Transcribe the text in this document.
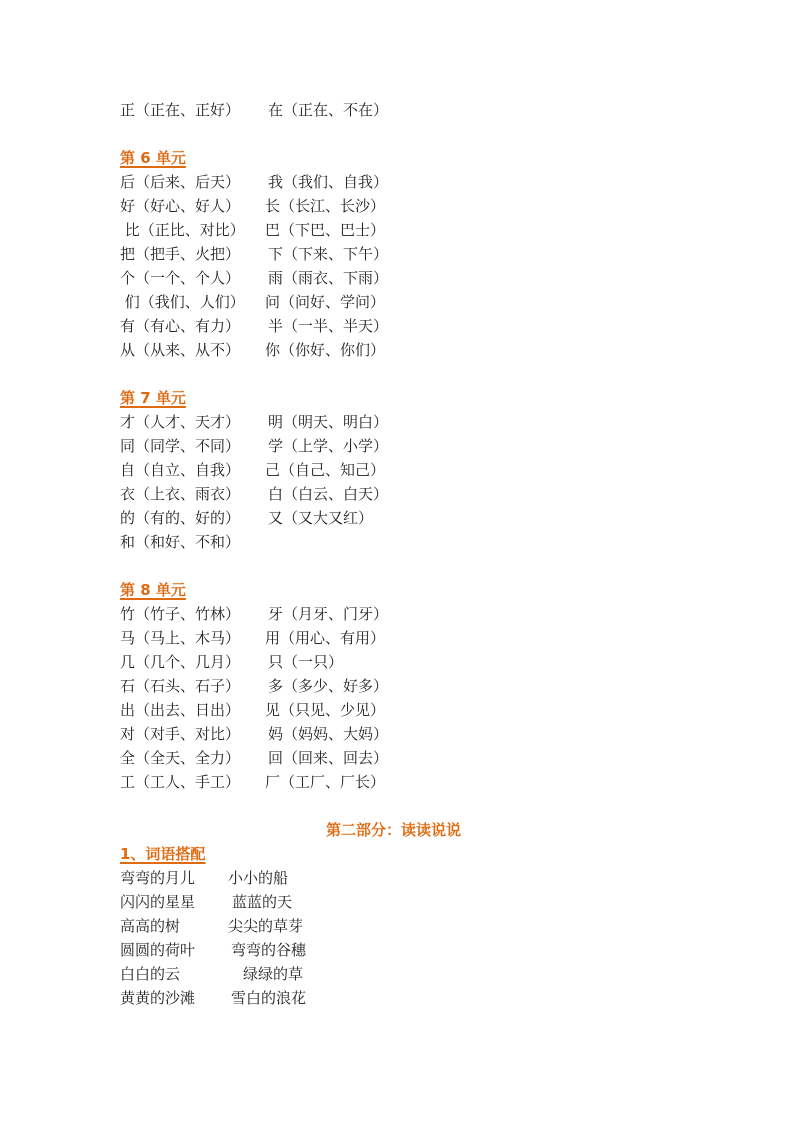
正（正在、正好） 在（正在、不在）
第 6 单元
后（后来、后天） 我（我们、自我）
好（好心、好人） 长（长江、长沙）
比（正比、对比） 巴（下巴、巴士）
把（把手、火把） 下（下来、下午）
个（一个、个人） 雨（雨衣、下雨）
们（我们、人们） 问（问好、学问）
有（有心、有力） 半（一半、半天）
从（从来、从不） 你（你好、你们）
第 7 单元
才（人才、天才） 明（明天、明白）
同（同学、不同） 学（上学、小学）
自（自立、自我） 己（自己、知己）
衣（上衣、雨衣） 白（白云、白天）
的（有的、好的） 又（又大又红）
和（和好、不和）
第 8 单元
竹（竹子、竹林） 牙（月牙、门牙）
马（马上、木马） 用（用心、有用）
几（几个、几月） 只（一只）
石（石头、石子） 多（多少、好多）
出（出去、日出） 见（只见、少见）
对（对手、对比） 妈（妈妈、大妈）
全（全天、全力） 回（回来、回去）
工（工人、手工） 厂（工厂、厂长）
第二部分：读读说说
1、词语搭配
弯弯的月儿 小小的船
闪闪的星星 蓝蓝的天
高高的树	尖尖的草芽
圆圆的荷叶 弯弯的谷穗
白白的云	绿绿的草
黄黄的沙滩 雪白的浪花
